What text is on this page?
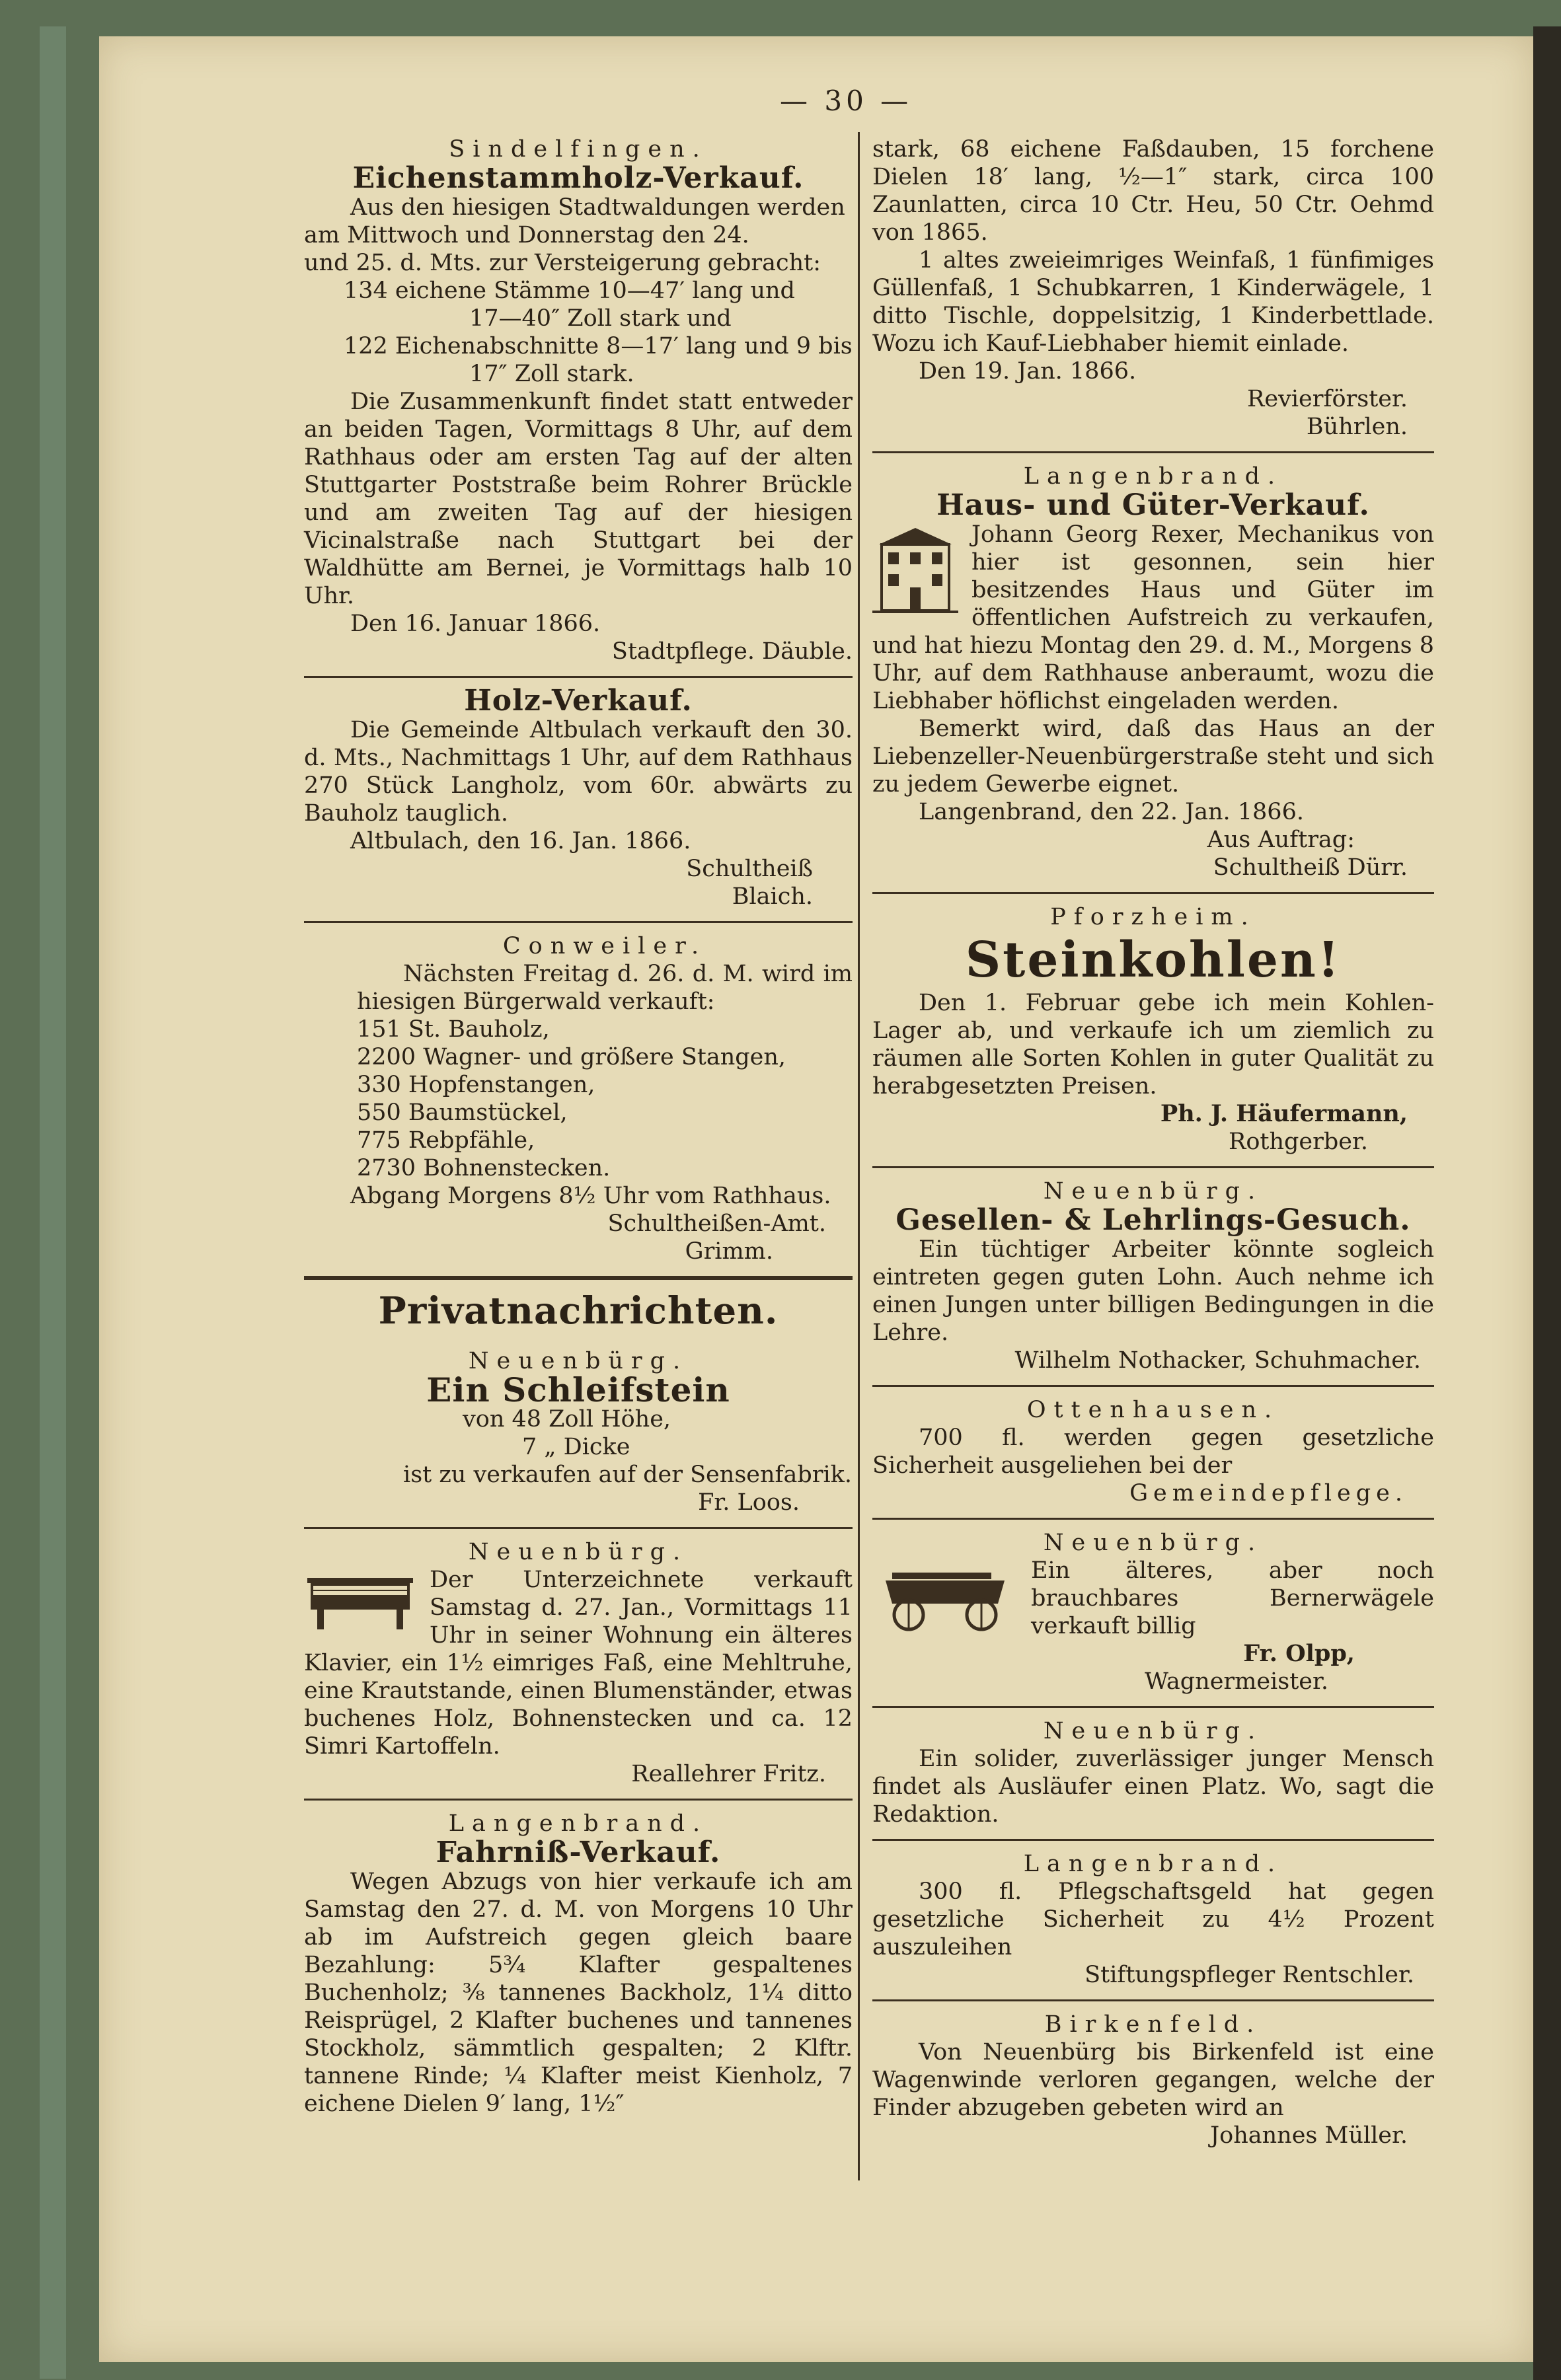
— 30 —
Sindelfingen.
Eichenstammholz-Verkauf.
Aus den hiesigen Stadtwaldungen werden
am Mittwoch und Donnerstag den 24.
und 25. d. Mts. zur Versteigerung gebracht:
134 eichene Stämme 10—47′ lang und
17—40″ Zoll stark und
122 Eichenabschnitte 8—17′ lang und 9 bis
17″ Zoll stark.
Die Zusammenkunft findet statt entweder an beiden Tagen, Vormittags 8 Uhr, auf dem Rathhaus oder am ersten Tag auf der alten Stuttgarter Poststraße beim Rohrer Brückle und am zweiten Tag auf der hiesigen Vicinalstraße nach Stuttgart bei der Waldhütte am Bernei, je Vormittags halb 10 Uhr.
Den 16. Januar 1866.
Stadtpflege. Däuble.
Holz-Verkauf.
Die Gemeinde Altbulach verkauft den 30. d. Mts., Nachmittags 1 Uhr, auf dem Rathhaus 270 Stück Langholz, vom 60r. abwärts zu Bauholz tauglich.
Altbulach, den 16. Jan. 1866.
Schultheiß
Blaich.
Conweiler.
Nächsten Freitag d. 26. d. M. wird im hiesigen Bürgerwald verkauft:
151 St. Bauholz,
2200 Wagner- und größere Stangen,
330 Hopfenstangen,
550 Baumstückel,
775 Rebpfähle,
2730 Bohnenstecken.
Abgang Morgens 8½ Uhr vom Rathhaus.
Schultheißen-Amt.
Grimm.
Privatnachrichten.
Neuenbürg.
Ein Schleifstein
von 48 Zoll Höhe,
7 „ Dicke
ist zu verkaufen auf der Sensenfabrik.
Fr. Loos.
Neuenbürg.
Der Unterzeichnete verkauft Samstag d. 27. Jan., Vormittags 11 Uhr in seiner Wohnung ein älteres Klavier, ein 1½ eimriges Faß, eine Mehltruhe, eine Krautstande, einen Blumenständer, etwas buchenes Holz, Bohnenstecken und ca. 12 Simri Kartoffeln.
Reallehrer Fritz.
Langenbrand.
Fahrniß-Verkauf.
Wegen Abzugs von hier verkaufe ich am Samstag den 27. d. M. von Morgens 10 Uhr ab im Aufstreich gegen gleich baare Bezahlung: 5¾ Klafter gespaltenes Buchenholz; ⅜ tannenes Backholz, 1¼ ditto Reisprügel, 2 Klafter buchenes und tannenes Stockholz, sämmtlich gespalten; 2 Klftr. tannene Rinde; ¼ Klafter meist Kienholz, 7 eichene Dielen 9′ lang, 1½″
stark, 68 eichene Faßdauben, 15 forchene Dielen 18′ lang, ½—1″ stark, circa 100 Zaunlatten, circa 10 Ctr. Heu, 50 Ctr. Oehmd von 1865.
1 altes zweieimriges Weinfaß, 1 fünfimiges Güllenfaß, 1 Schubkarren, 1 Kinderwägele, 1 ditto Tischle, doppelsitzig, 1 Kinderbettlade. Wozu ich Kauf-Liebhaber hiemit einlade.
Den 19. Jan. 1866.
Revierförster.
Bührlen.
Langenbrand.
Haus- und Güter-Verkauf.
Johann Georg Rexer, Mechanikus von hier ist gesonnen, sein hier besitzendes Haus und Güter im öffentlichen Aufstreich zu verkaufen, und hat hiezu Montag den 29. d. M., Morgens 8 Uhr, auf dem Rathhause anberaumt, wozu die Liebhaber höflichst eingeladen werden.
Bemerkt wird, daß das Haus an der Liebenzeller-Neuenbürgerstraße steht und sich zu jedem Gewerbe eignet.
Langenbrand, den 22. Jan. 1866.
Aus Auftrag:
Schultheiß Dürr.
Pforzheim.
Steinkohlen!
Den 1. Februar gebe ich mein Kohlen-Lager ab, und verkaufe ich um ziemlich zu räumen alle Sorten Kohlen in guter Qualität zu herabgesetzten Preisen.
Ph. J. Häufermann,
Rothgerber.
Neuenbürg.
Gesellen- & Lehrlings-Gesuch.
Ein tüchtiger Arbeiter könnte sogleich eintreten gegen guten Lohn. Auch nehme ich einen Jungen unter billigen Bedingungen in die Lehre.
Wilhelm Nothacker, Schuhmacher.
Ottenhausen.
700 fl. werden gegen gesetzliche Sicherheit ausgeliehen bei der
Gemeindepflege.
Neuenbürg.
Ein älteres, aber noch brauchbares Bernerwägele verkauft billig
Fr. Olpp,
Wagnermeister.
Neuenbürg.
Ein solider, zuverlässiger junger Mensch findet als Ausläufer einen Platz. Wo, sagt die Redaktion.
Langenbrand.
300 fl. Pflegschaftsgeld hat gegen gesetzliche Sicherheit zu 4½ Prozent auszuleihen
Stiftungspfleger Rentschler.
Birkenfeld.
Von Neuenbürg bis Birkenfeld ist eine Wagenwinde verloren gegangen, welche der Finder abzugeben gebeten wird an
Johannes Müller.
